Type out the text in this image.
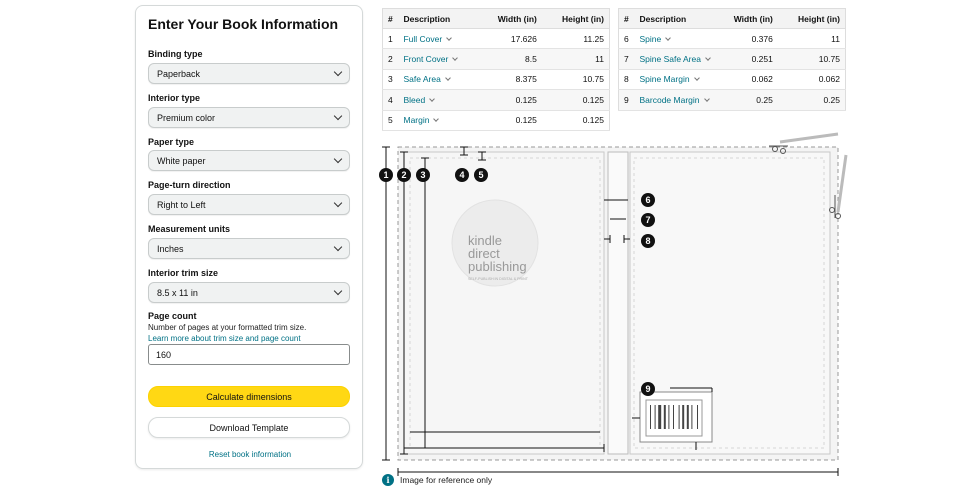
Enter Your Book Information
Binding type
Paperback
Interior type
Premium color
Paper type
White paper
Page-turn direction
Right to Left
Measurement units
Inches
Interior trim size
8.5 x 11 in
Page count
Number of pages at your formatted trim size.
Learn more about trim size and page count
160
Calculate dimensions
Download Template
Reset book information
#	Description	Width (in)	Height (in)
1	Full Cover	17.626	11.25
2	Front Cover	8.5	11
3	Safe Area	8.375	10.75
4	Bleed	0.125	0.125
5	Margin	0.125	0.125
#	Description	Width (in)	Height (in)
6	Spine	0.376	11
7	Spine Safe Area	0.251	10.75
8	Spine Margin	0.062	0.062
9	Barcode Margin	0.25	0.25
kindle
direct
publishing
SELF-PUBLISH IN DIGITAL & PRINT
1 2 3	4 5
6
7
8
9
i	Image for reference only
